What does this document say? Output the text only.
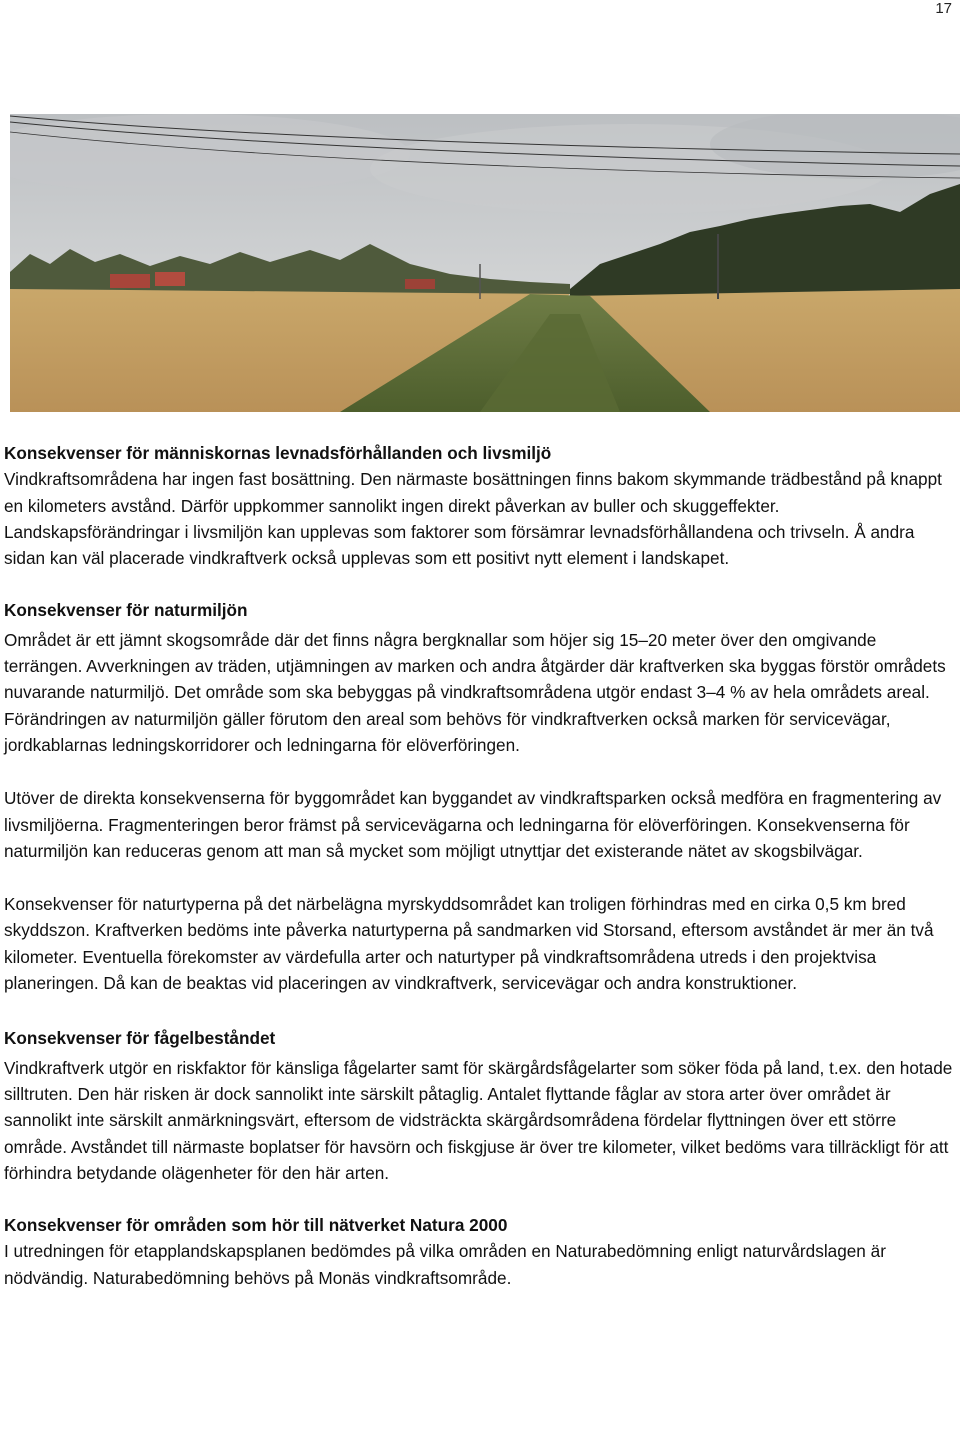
17
Konsekvenser för människornas levnadsförhållanden och livsmiljö

Vindkraftsområdena har ingen fast bosättning. Den närmaste bosättningen finns bakom skymmande trädbestånd på knappt en kilometers avstånd. Därför uppkommer sannolikt ingen direkt påverkan av buller och skuggeffekter. Landskapsförändringar i livsmiljön kan upplevas som faktorer som försämrar levnadsförhållandena och trivseln. Å andra sidan kan väl placerade vindkraftverk också upplevas som ett positivt nytt element i landskapet.

Konsekvenser för naturmiljön

Området är ett jämnt skogsområde där det finns några bergknallar som höjer sig 15–20 meter över den omgivande terrängen. Avverkningen av träden, utjämningen av marken och andra åtgärder där kraftverken ska byggas förstör områdets nuvarande naturmiljö. Det område som ska bebyggas på vindkraftsområdena utgör endast 3–4 % av hela områdets areal. Förändringen av naturmiljön gäller förutom den areal som behövs för vindkraftverken också marken för servicevägar, jordkablarnas ledningskorridorer och ledningarna för elöverföringen.

Utöver de direkta konsekvenserna för byggområdet kan byggandet av vindkraftsparken också medföra en fragmentering av livsmiljöerna. Fragmenteringen beror främst på servicevägarna och ledningarna för elöverföringen. Konsekvenserna för naturmiljön kan reduceras genom att man så mycket som möjligt utnyttjar det existerande nätet av skogsbilvägar.

Konsekvenser för naturtyperna på det närbelägna myrskyddsområdet kan troligen förhindras med en cirka 0,5 km bred skyddszon. Kraftverken bedöms inte påverka naturtyperna på sandmarken vid Storsand, eftersom avståndet är mer än två kilometer. Eventuella förekomster av värdefulla arter och naturtyper på vindkraftsområdena utreds i den projektvisa planeringen. Då kan de beaktas vid placeringen av vindkraftverk, servicevägar och andra konstruktioner.

Konsekvenser för fågelbeståndet

Vindkraftverk utgör en riskfaktor för känsliga fågelarter samt för skärgårdsfågelarter som söker föda på land, t.ex. den hotade silltruten. Den här risken är dock sannolikt inte särskilt påtaglig. Antalet flyttande fåglar av stora arter över området är sannolikt inte särskilt anmärkningsvärt, eftersom de vidsträckta skärgårdsområdena fördelar flyttningen över ett större område. Avståndet till närmaste boplatser för havsörn och fiskgjuse är över tre kilometer, vilket bedöms vara tillräckligt för att förhindra betydande olägenheter för den här arten.

Konsekvenser för områden som hör till nätverket Natura 2000

I utredningen för etapplandskapsplanen bedömdes på vilka områden en Naturabedömning enligt naturvårdslagen är nödvändig. Naturabedömning behövs på Monäs vindkraftsområde.
